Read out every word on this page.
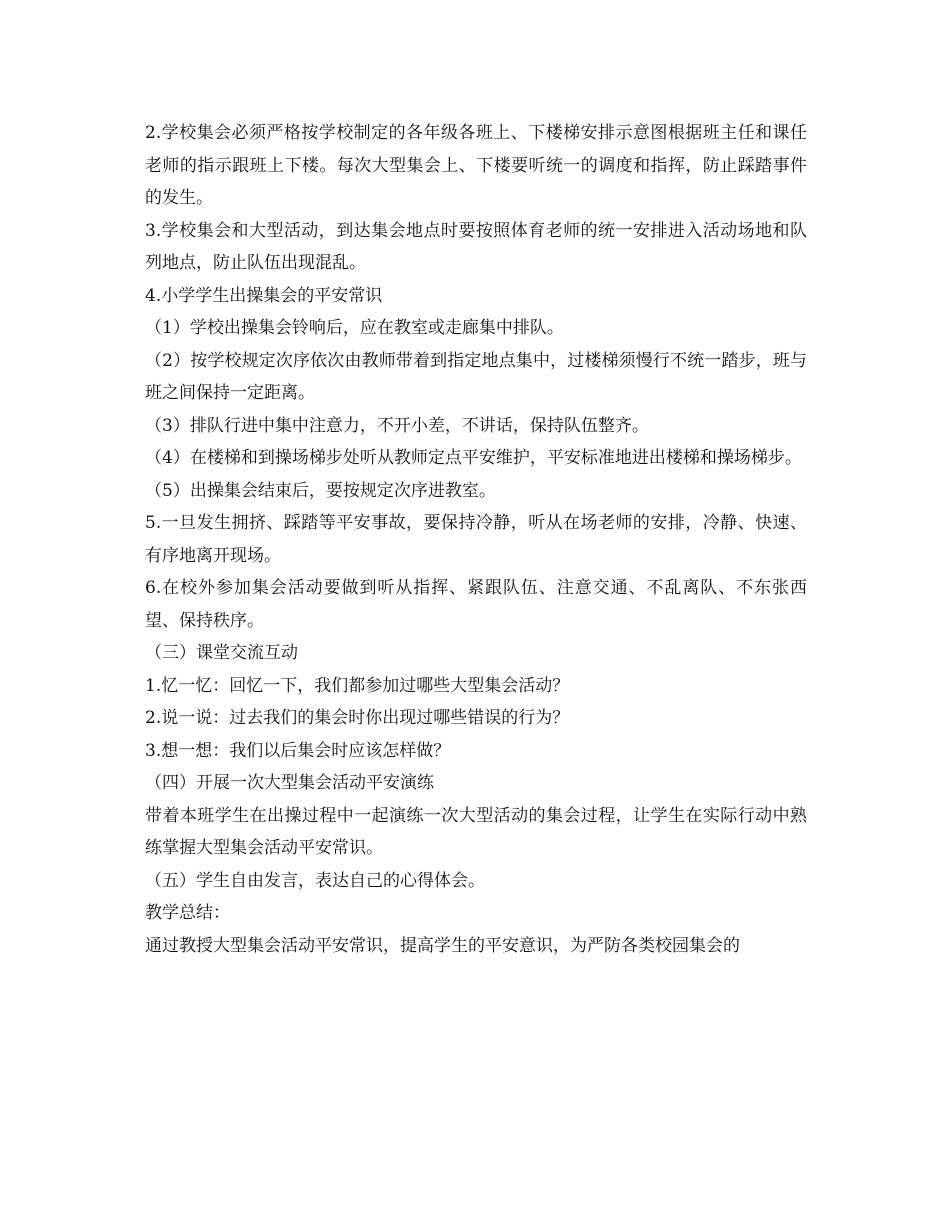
2.学校集会必须严格按学校制定的各年级各班上、下楼梯安排示意图根据班主任和课任老师的指示跟班上下楼。每次大型集会上、下楼要听统一的调度和指挥，防止踩踏事件的发生。

3.学校集会和大型活动，到达集会地点时要按照体育老师的统一安排进入活动场地和队列地点，防止队伍出现混乱。

4.小学学生出操集会的平安常识

（1）学校出操集会铃响后，应在教室或走廊集中排队。

（2）按学校规定次序依次由教师带着到指定地点集中，过楼梯须慢行不统一踏步，班与班之间保持一定距离。

（3）排队行进中集中注意力，不开小差，不讲话，保持队伍整齐。

（4）在楼梯和到操场梯步处听从教师定点平安维护，平安标准地进出楼梯和操场梯步。

（5）出操集会结束后，要按规定次序进教室。

5.一旦发生拥挤、踩踏等平安事故，要保持冷静，听从在场老师的安排，冷静、快速、有序地离开现场。

6.在校外参加集会活动要做到听从指挥、紧跟队伍、注意交通、不乱离队、不东张西望、保持秩序。

（三）课堂交流互动

1.忆一忆：回忆一下，我们都参加过哪些大型集会活动？

2.说一说：过去我们的集会时你出现过哪些错误的行为？

3.想一想：我们以后集会时应该怎样做？

（四）开展一次大型集会活动平安演练

带着本班学生在出操过程中一起演练一次大型活动的集会过程，让学生在实际行动中熟练掌握大型集会活动平安常识。

（五）学生自由发言，表达自己的心得体会。

教学总结：

通过教授大型集会活动平安常识，提高学生的平安意识，为严防各类校园集会的
